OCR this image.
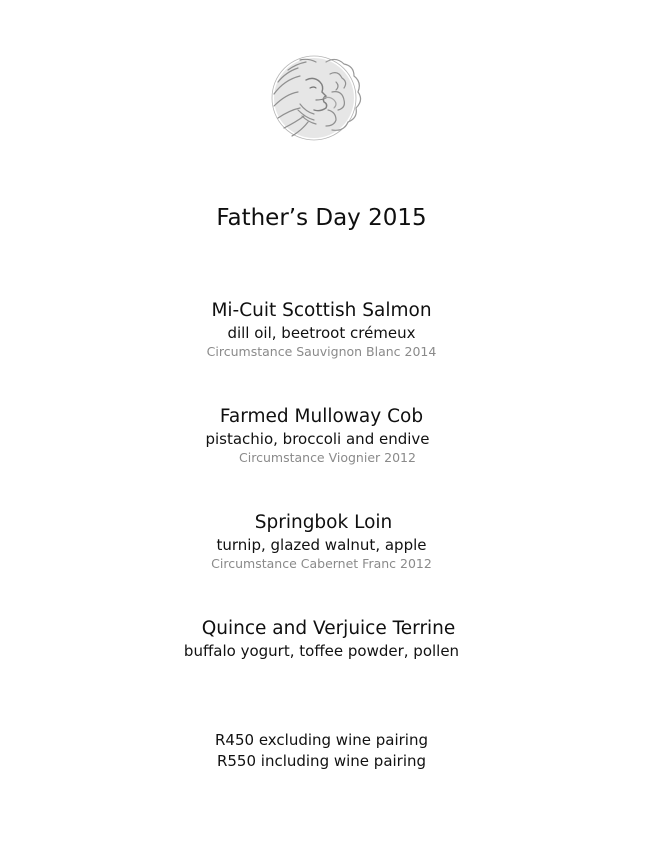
Father’s Day 2015
Mi-Cuit Scottish Salmon
dill oil, beetroot crémeux
Circumstance Sauvignon Blanc 2014
Farmed Mulloway Cob
pistachio, broccoli and endive
Circumstance Viognier 2012
Springbok Loin
turnip, glazed walnut, apple
Circumstance Cabernet Franc 2012
Quince and Verjuice Terrine
buffalo yogurt, toffee powder, pollen
R450 excluding wine pairing
R550 including wine pairing
